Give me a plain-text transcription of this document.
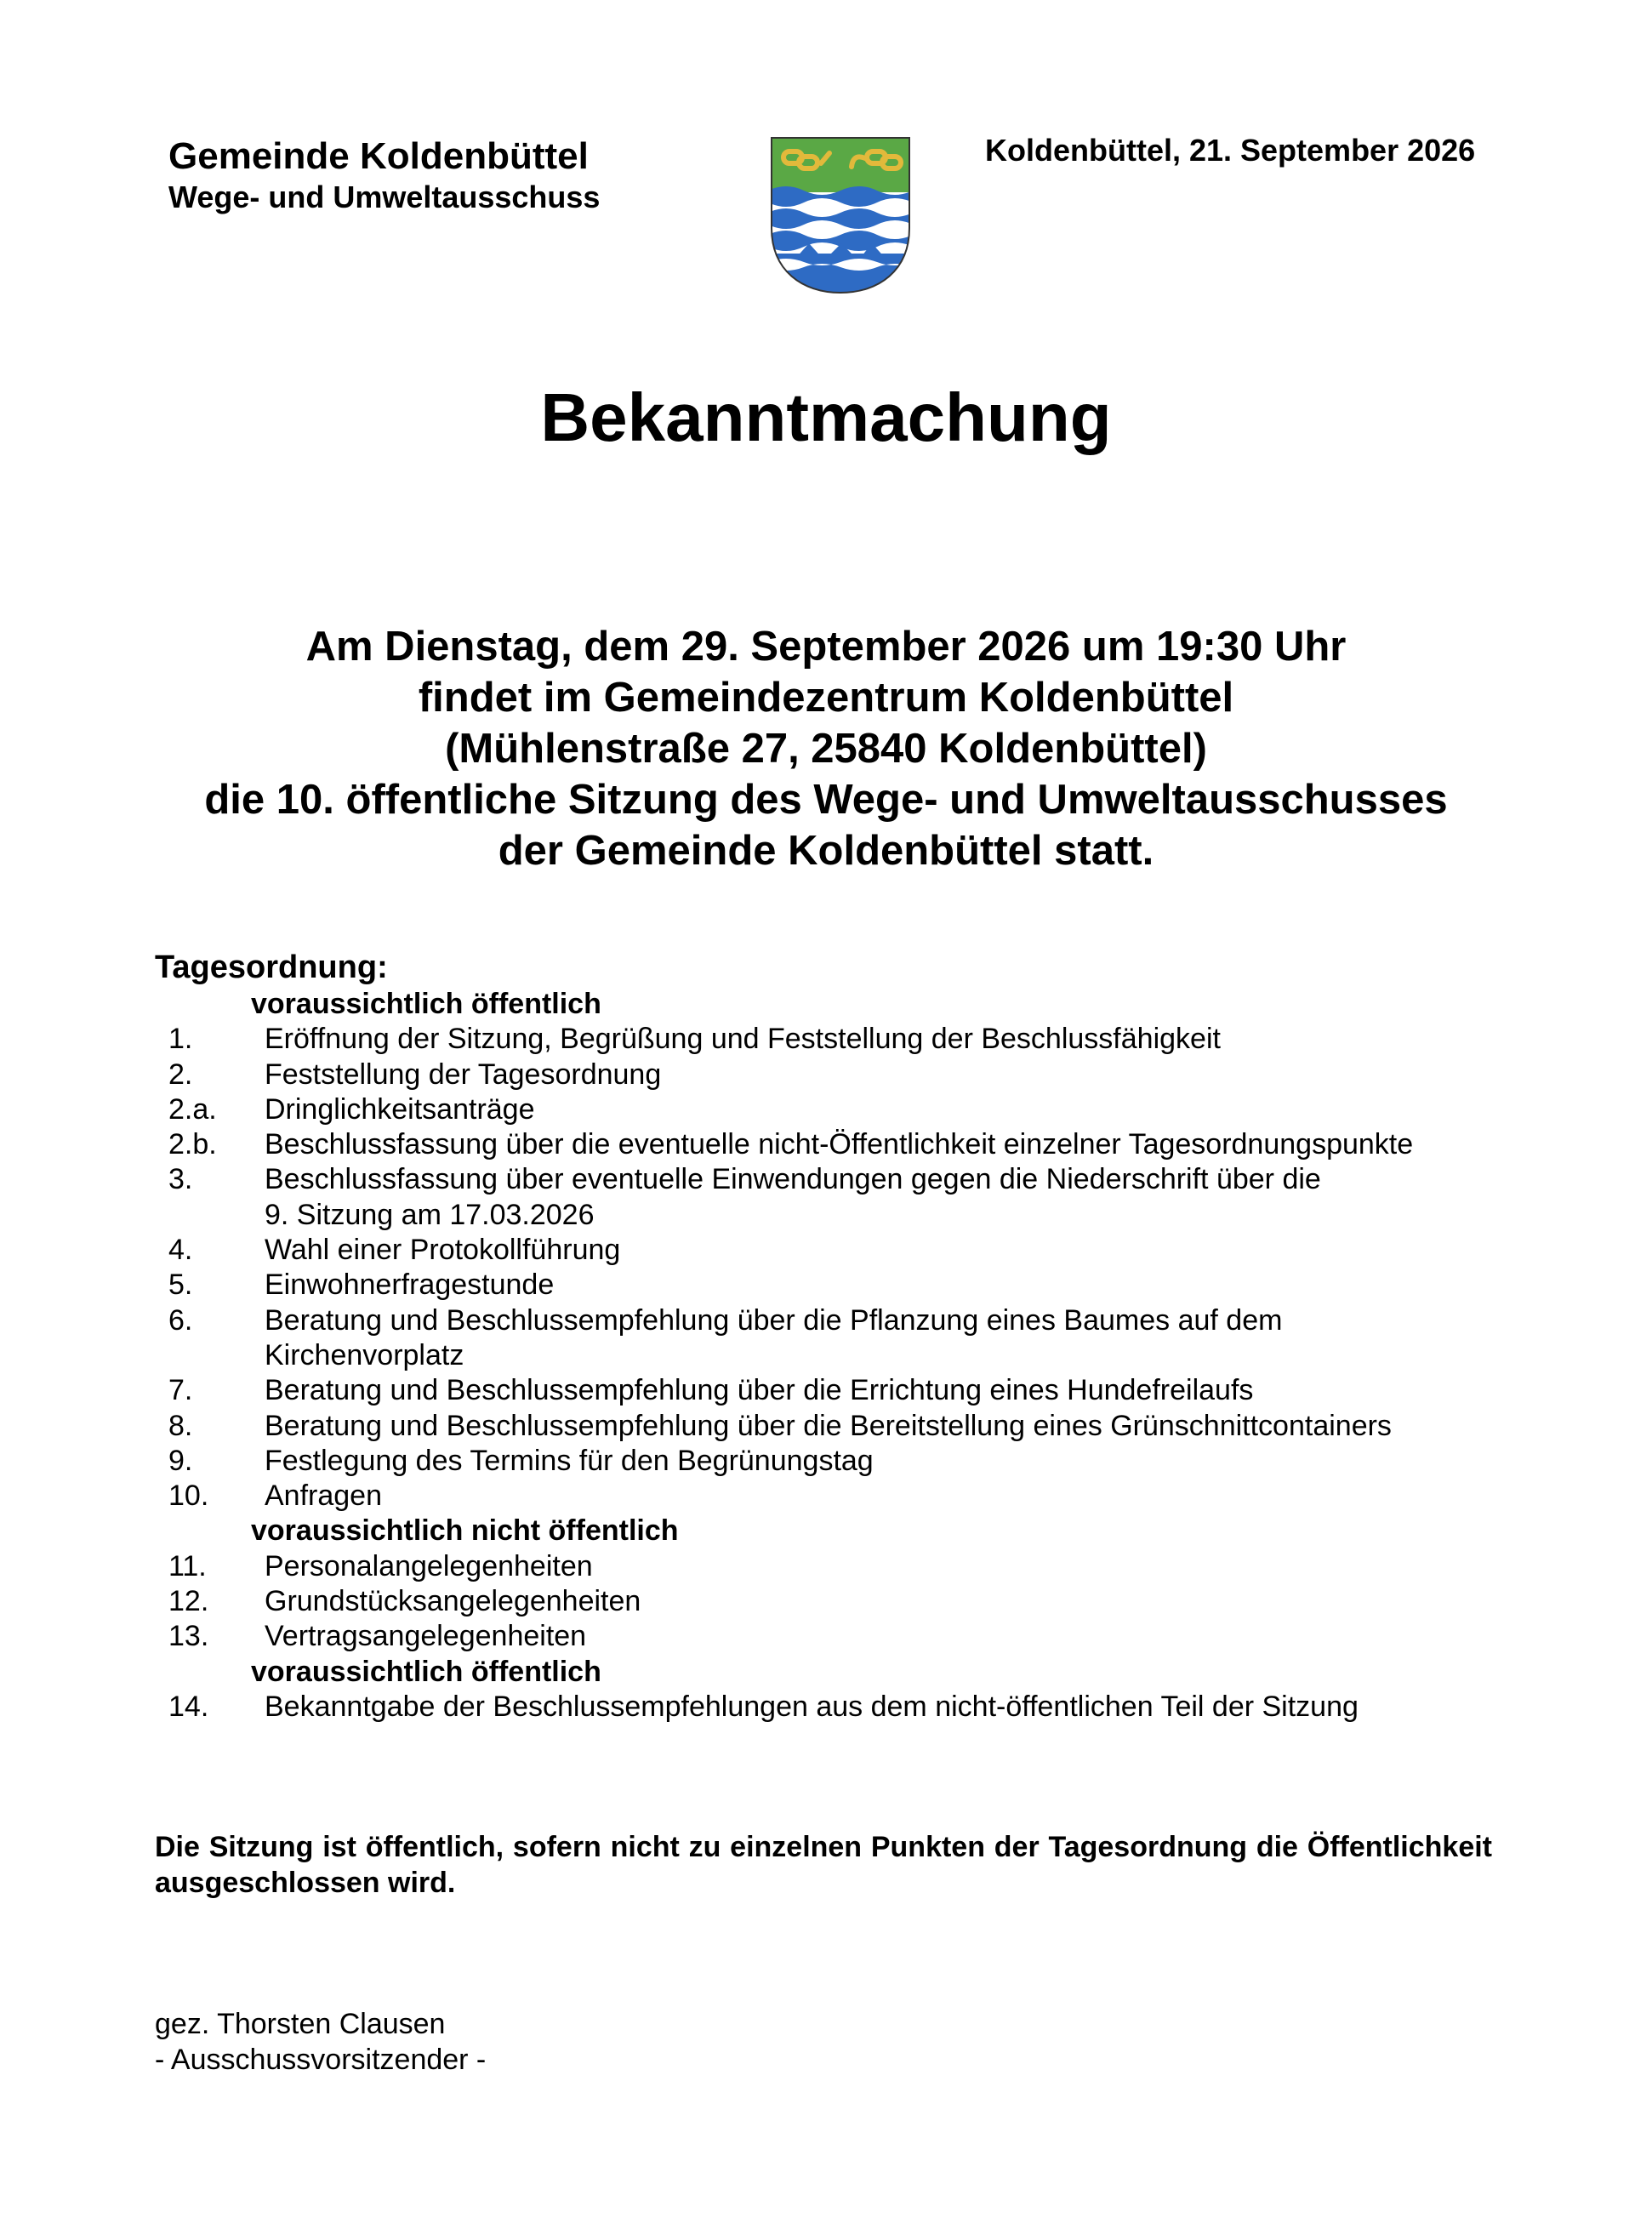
Gemeinde Koldenbüttel
Wege- und Umweltausschuss
Koldenbüttel, 21. September 2026
Bekanntmachung
Am Dienstag, dem 29. September 2026 um 19:30 Uhr
findet im Gemeindezentrum Koldenbüttel
(Mühlenstraße 27, 25840 Koldenbüttel)
die 10. öffentliche Sitzung des Wege- und Umweltausschusses
der Gemeinde Koldenbüttel statt.
Tagesordnung:
voraussichtlich öffentlich
1.	Eröffnung der Sitzung, Begrüßung und Feststellung der Beschlussfähigkeit
2.	Feststellung der Tagesordnung
2.a.	Dringlichkeitsanträge
2.b.	Beschlussfassung über die eventuelle nicht-Öffentlichkeit einzelner Tagesordnungspunkte
3.	Beschlussfassung über eventuelle Einwendungen gegen die Niederschrift über die
9. Sitzung am 17.03.2026
4.	Wahl einer Protokollführung
5.	Einwohnerfragestunde
6.	Beratung und Beschlussempfehlung über die Pflanzung eines Baumes auf dem
Kirchenvorplatz
7.	Beratung und Beschlussempfehlung über die Errichtung eines Hundefreilaufs
8.	Beratung und Beschlussempfehlung über die Bereitstellung eines Grünschnittcontainers
9.	Festlegung des Termins für den Begrünungstag
10.	Anfragen
voraussichtlich nicht öffentlich
11.	Personalangelegenheiten
12.	Grundstücksangelegenheiten
13.	Vertragsangelegenheiten
voraussichtlich öffentlich
14.	Bekanntgabe der Beschlussempfehlungen aus dem nicht-öffentlichen Teil der Sitzung
Die Sitzung ist öffentlich, sofern nicht zu einzelnen Punkten der Tagesordnung die Öffentlichkeit ausgeschlossen wird.
gez. Thorsten Clausen
- Ausschussvorsitzender -
